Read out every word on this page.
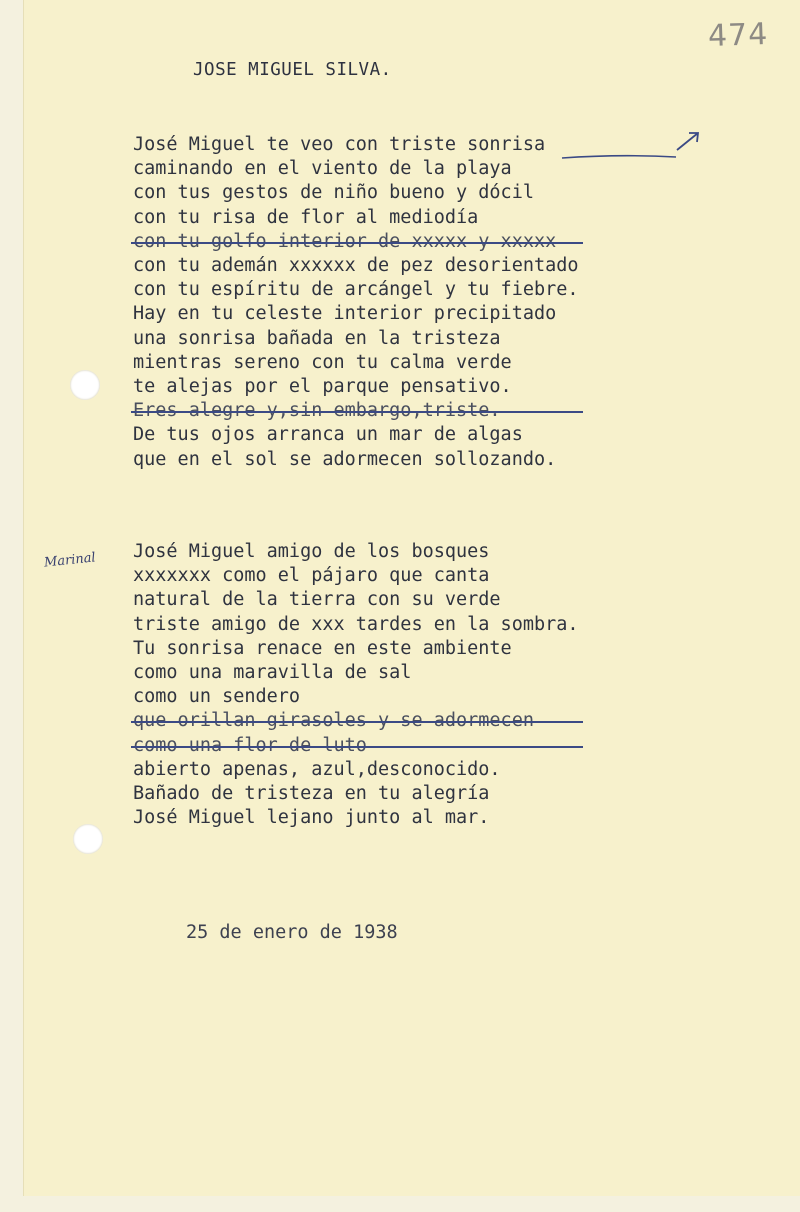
474
JOSE MIGUEL SILVA.
José Miguel te veo con triste sonrisa
caminando en el viento de la playa
con tus gestos de niño bueno y dócil
con tu risa de flor al mediodía
con tu golfo interior de xxxxx y xxxxx
con tu ademán xxxxxx de pez desorientado
con tu espíritu de arcángel y tu fiebre.
Hay en tu celeste interior precipitado
una sonrisa bañada en la tristeza
mientras sereno con tu calma verde
te alejas por el parque pensativo.
Eres alegre y,sin embargo,triste.
De tus ojos arranca un mar de algas
que en el sol se adormecen sollozando.
Marinal José Miguel amigo de los bosques
xxxxxxx como el pájaro que canta
natural de la tierra con su verde
triste amigo de xxx tardes en la sombra.
Tu sonrisa renace en este ambiente
como una maravilla de sal
como un sendero
que orillan girasoles y se adormecen
como una flor de luto
abierto apenas, azul,desconocido.
Bañado de tristeza en tu alegría
José Miguel lejano junto al mar.
25 de enero de 1938
